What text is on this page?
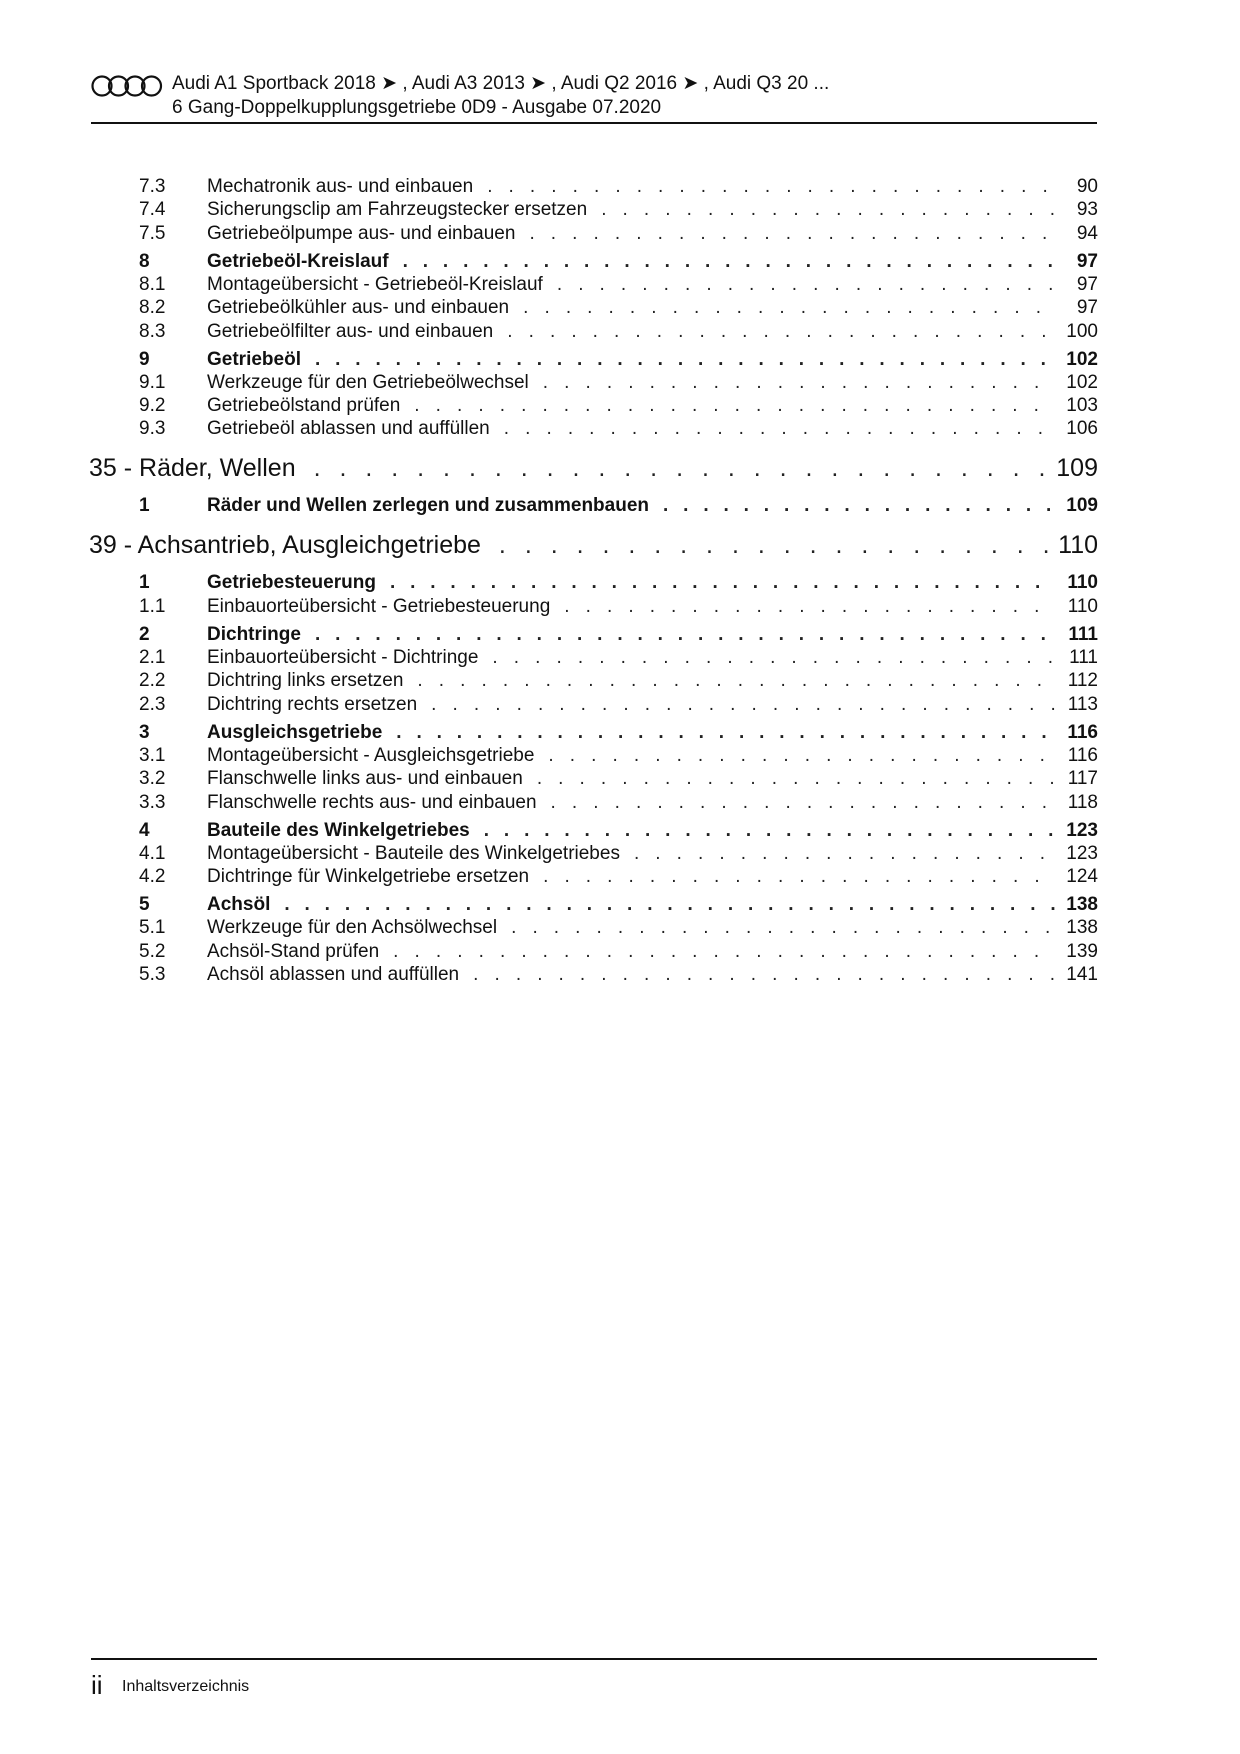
Audi A1 Sportback 2018 ➤ , Audi A3 2013 ➤ , Audi Q2 2016 ➤ , Audi Q3 20 ...
6 Gang-Doppelkupplungsgetriebe 0D9 - Ausgabe 07.2020
7.3 Mechatronik aus- und einbauen . . .	90
7.4 Sicherungsclip am Fahrzeugstecker ersetzen . . .	93
7.5 Getriebeölpumpe aus- und einbauen . . .	94
8	Getriebeöl-Kreislauf . . .	97
8.1 Montageübersicht - Getriebeöl-Kreislauf . . .	97
8.2 Getriebeölkühler aus- und einbauen . . .	97
8.3 Getriebeölfilter aus- und einbauen . . .	100
9	Getriebeöl . . .	102
9.1 Werkzeuge für den Getriebeölwechsel . . .	102
9.2 Getriebeölstand prüfen . . .	103
9.3 Getriebeöl ablassen und auffüllen . . .	106
35 - Räder, Wellen . . .	109
1	Räder und Wellen zerlegen und zusammenbauen . . .	109
39 - Achsantrieb, Ausgleichgetriebe . . .	110
1	Getriebesteuerung . . .	110
1.1 Einbauorteübersicht - Getriebesteuerung . . .	110
2	Dichtringe . . .	111
2.1 Einbauorteübersicht - Dichtringe . . .	111
2.2 Dichtring links ersetzen . . .	112
2.3 Dichtring rechts ersetzen . . .	113
3	Ausgleichsgetriebe . . .	116
3.1 Montageübersicht - Ausgleichsgetriebe . . .	116
3.2 Flanschwelle links aus- und einbauen . . .	117
3.3 Flanschwelle rechts aus- und einbauen . . .	118
4	Bauteile des Winkelgetriebes . . .	123
4.1 Montageübersicht - Bauteile des Winkelgetriebes . . .	123
4.2 Dichtringe für Winkelgetriebe ersetzen . . .	124
5	Achsöl . . .	138
5.1 Werkzeuge für den Achsölwechsel . . .	138
5.2 Achsöl-Stand prüfen . . .	139
5.3 Achsöl ablassen und auffüllen . . .	141
ii Inhaltsverzeichnis
